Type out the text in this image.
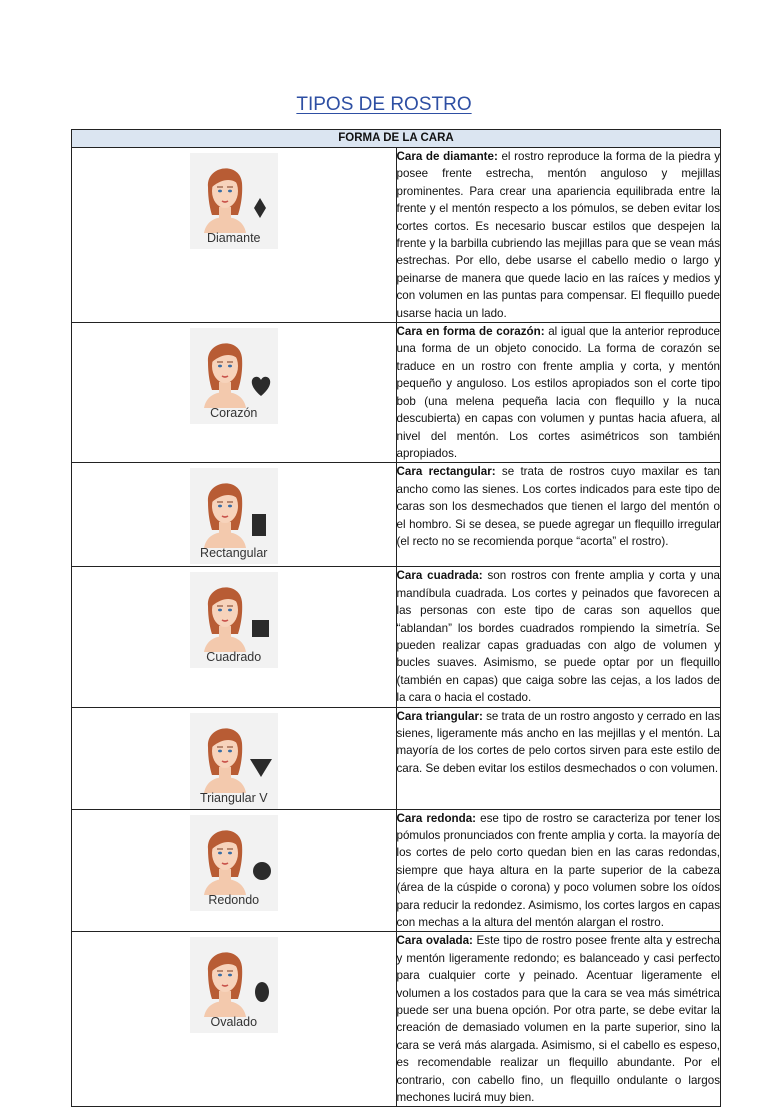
TIPOS DE ROSTRO
FORMA DE LA CARA	

Diamante	Cara de diamante: el rostro reproduce la forma de la piedra y posee frente estrecha, mentón anguloso y mejillas prominentes. Para crear una apariencia equilibrada entre la frente y el mentón respecto a los pómulos, se deben evitar los cortes cortos. Es necesario buscar estilos que despejen la frente y la barbilla cubriendo las mejillas para que se vean más estrechas. Por ello, debe usarse el cabello medio o largo y peinarse de manera que quede lacio en las raíces y medios y con volumen en las puntas para compensar. El flequillo puede usarse hacia un lado.

Corazón	Cara en forma de corazón: al igual que la anterior reproduce una forma de un objeto conocido. La forma de corazón se traduce en un rostro con frente amplia y corta, y mentón pequeño y anguloso. Los estilos apropiados son el corte tipo bob (una melena pequeña lacia con flequillo y la nuca descubierta) en capas con volumen y puntas hacia afuera, al nivel del mentón. Los cortes asimétricos son también apropiados.

Rectangular	Cara rectangular: se trata de rostros cuyo maxilar es tan ancho como las sienes. Los cortes indicados para este tipo de caras son los desmechados que tienen el largo del mentón o el hombro. Si se desea, se puede agregar un flequillo irregular (el recto no se recomienda porque “acorta” el rostro).

Cuadrado	Cara cuadrada: son rostros con frente amplia y corta y una mandíbula cuadrada. Los cortes y peinados que favorecen a las personas con este tipo de caras son aquellos que “ablandan” los bordes cuadrados rompiendo la simetría. Se pueden realizar capas graduadas con algo de volumen y bucles suaves. Asimismo, se puede optar por un flequillo (también en capas) que caiga sobre las cejas, a los lados de la cara o hacia el costado.

Triangular V	Cara triangular: se trata de un rostro angosto y cerrado en las sienes, ligeramente más ancho en las mejillas y el mentón. La mayoría de los cortes de pelo cortos sirven para este estilo de cara. Se deben evitar los estilos desmechados o con volumen.

Redondo	Cara redonda: ese tipo de rostro se caracteriza por tener los pómulos pronunciados con frente amplia y corta. la mayoría de los cortes de pelo corto quedan bien en las caras redondas, siempre que haya altura en la parte superior de la cabeza (área de la cúspide o corona) y poco volumen sobre los oídos para reducir la redondez. Asimismo, los cortes largos en capas con mechas a la altura del mentón alargan el rostro.

Ovalado	Cara ovalada: Este tipo de rostro posee frente alta y estrecha y mentón ligeramente redondo; es balanceado y casi perfecto para cualquier corte y peinado. Acentuar ligeramente el volumen a los costados para que la cara se vea más simétrica puede ser una buena opción. Por otra parte, se debe evitar la creación de demasiado volumen en la parte superior, sino la cara se verá más alargada. Asimismo, si el cabello es espeso, es recomendable realizar un flequillo abundante. Por el contrario, con cabello fino, un flequillo ondulante o largos mechones lucirá muy bien.
